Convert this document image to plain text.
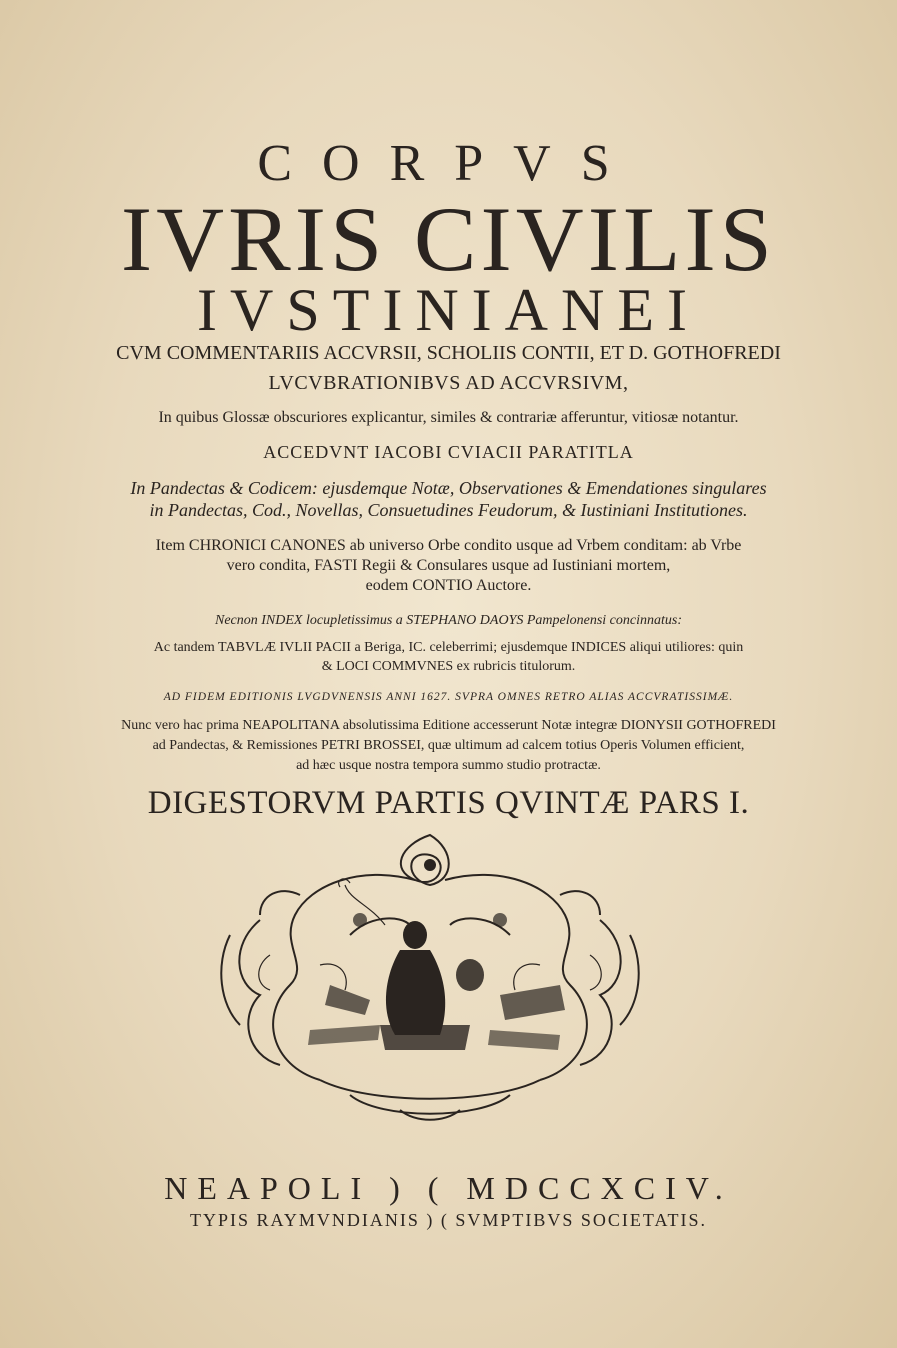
CORPVS
IVRIS CIVILIS
IVSTINIANEI
CVM COMMENTARIIS ACCVRSII, SCHOLIIS CONTII, ET D. GOTHOFREDI
LVCVBRATIONIBVS AD ACCVRSIVM,
In quibus Glossæ obscuriores explicantur, similes & contrariæ afferuntur, vitiosæ notantur.
ACCEDVNT IACOBI CVIACII PARATITLA
In Pandectas & Codicem: ejusdemque Notæ, Observationes & Emendationes singulares
in Pandectas, Cod., Novellas, Consuetudines Feudorum, & Iustiniani Institutiones.
Item CHRONICI CANONES ab universo Orbe condito usque ad Vrbem conditam: ab Vrbe
vero condita, FASTI Regii & Consulares usque ad Iustiniani mortem,
eodem CONTIO Auctore.
Necnon INDEX locupletissimus a STEPHANO DAOYS Pampelonensi concinnatus:
Ac tandem TABVLÆ IVLII PACII a Beriga, IC. celeberrimi; ejusdemque INDICES aliqui utiliores: quin
& LOCI COMMVNES ex rubricis titulorum.
AD FIDEM EDITIONIS LVGDVNENSIS ANNI 1627. SVPRA OMNES RETRO ALIAS ACCVRATISSIMÆ.
Nunc vero hac prima NEAPOLITANA absolutissima Editione accesserunt Notæ integræ DIONYSII GOTHOFREDI
ad Pandectas, & Remissiones PETRI BROSSEI, quæ ultimum ad calcem totius Operis Volumen efficient,
ad hæc usque nostra tempora summo studio protractæ.
DIGESTORVM PARTIS QVINTÆ PARS I.
NEAPOLI ) ( MDCCXCIV.
TYPIS RAYMVNDIANIS ) ( SVMPTIBVS SOCIETATIS.
